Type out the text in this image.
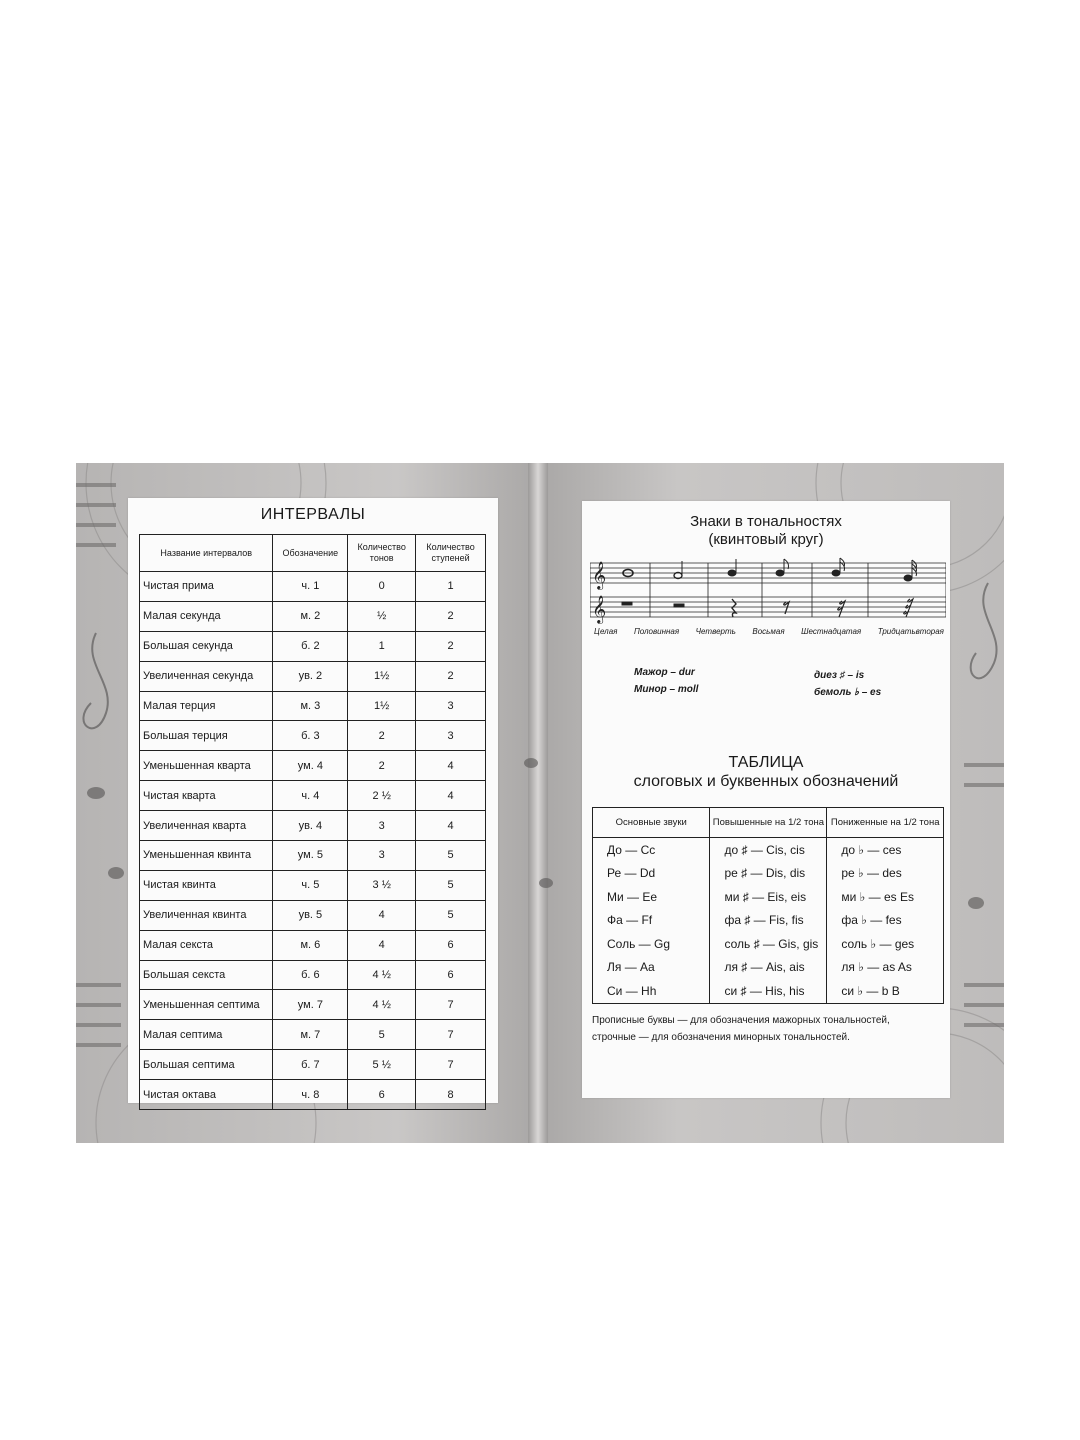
ИНТЕРВАЛЫ
Название интервалов	Обозначение	Количество тонов	Количество ступеней
Чистая прима	ч. 1	0	1
Малая секунда	м. 2	½	2
Большая секунда	б. 2	1	2
Увеличенная секунда	ув. 2	1½	2
Малая терция	м. 3	1½	3
Большая терция	б. 3	2	3
Уменьшенная кварта	ум. 4	2	4
Чистая кварта	ч. 4	2 ½	4
Увеличенная кварта	ув. 4	3	4
Уменьшенная квинта	ум. 5	3	5
Чистая квинта	ч. 5	3 ½	5
Увеличенная квинта	ув. 5	4	5
Малая секста	м. 6	4	6
Большая секста	б. 6	4 ½	6
Уменьшенная септима	ум. 7	4 ½	7
Малая септима	м. 7	5	7
Большая септима	б. 7	5 ½	7
Чистая октава	ч. 8	6	8
Знаки в тональностях
(квинтовый круг)
𝄞
𝄞
Целая Половинная Четверть Восьмая Шестнадцатая Тридцатьвторая
Мажор – dur
Минор – moll
диез ♯ – is
бемоль ♭ – es
ТАБЛИЦА
слоговых и буквенных обозначений
Основные звуки	Повышенные на 1/2 тона	Пониженные на 1/2 тона
До — Cc	до ♯ — Cis, cis	до ♭ — ces
Ре — Dd	ре ♯ — Dis, dis	ре ♭ — des
Ми — Ee	ми ♯ — Eis, eis	ми ♭ — es Es
Фа — Ff	фа ♯ — Fis, fis	фа ♭ — fes
Соль — Gg	соль ♯ — Gis, gis	соль ♭ — ges
Ля — Aa	ля ♯ — Ais, ais	ля ♭ — as As
Си — Hh	си ♯ — His, his	си ♭ — b B
Прописные буквы — для обозначения мажорных тональностей,
строчные — для обозначения минорных тональностей.
